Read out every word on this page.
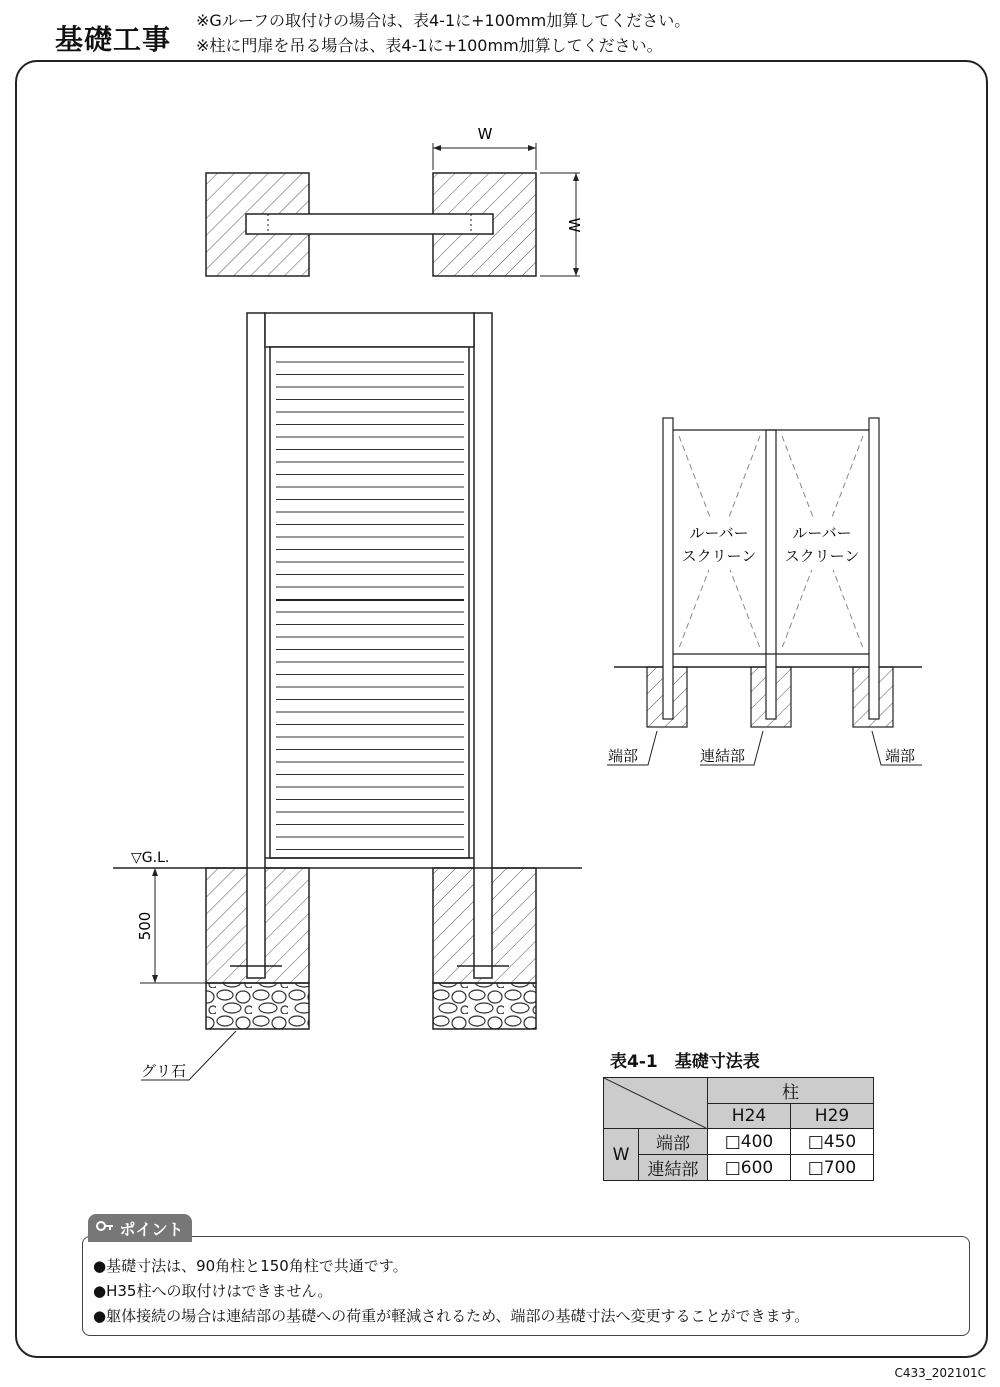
基礎工事
※Gルーフの取付けの場合は、表4-1に+100mm加算してください。
※柱に門扉を吊る場合は、表4-1に+100mm加算してください。
W
W
▽G.L.
500
グリ石
ルーバー
スクリーン
ルーバー
スクリーン
端部	連結部	端部
表4-1　基礎寸法表
	柱	
		H24	H29
W	端部	□400	□450
	連結部	□600	□700
ポイント
●基礎寸法は、90角柱と150角柱で共通です。
●H35柱への取付けはできません。
●躯体接続の場合は連結部の基礎への荷重が軽減されるため、端部の基礎寸法へ変更することができます。
C433_202101C
